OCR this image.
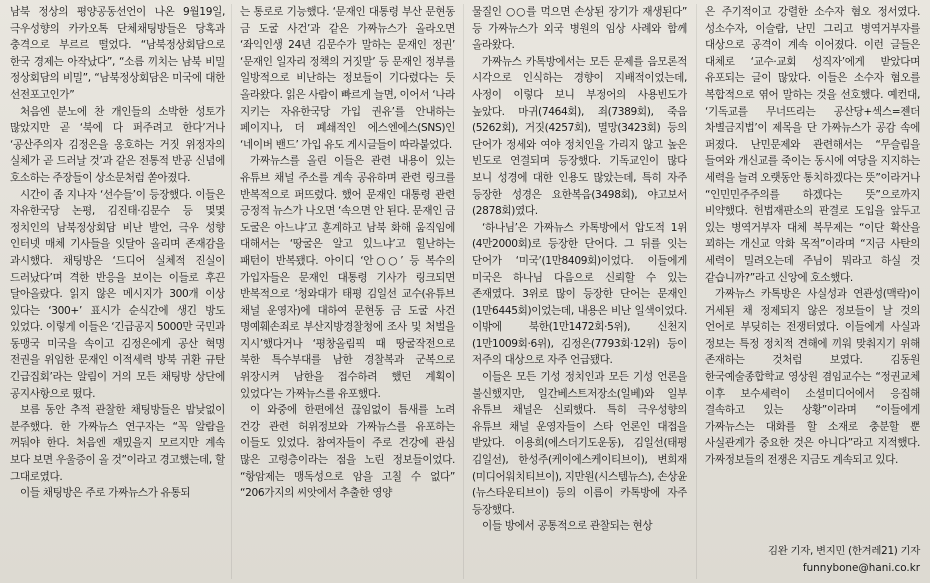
남북 정상의 평양공동선언이 나온 9월19일, 극우성향의 카카오톡 단체채팅방들은 당혹과 충격으로 부르르 떨었다. “남북정상회담으로 한국 경제는 아작났다”, “소름 끼치는 남북 비밀 정상회담의 비밀”, “남북정상회담은 미국에 대한 선전포고인가”

처음엔 분노에 찬 개인들의 소박한 성토가 많았지만 곧 ‘북에 다 퍼주려고 한다’거나 ‘공산주의자 김정은을 옹호하는 거짓 위정자의 실체가 곧 드러날 것’과 같은 전통적 반공 신념에 호소하는 주장들이 상소문처럼 쏟아졌다.

시간이 좀 지나자 ‘선수들’이 등장했다. 이들은 자유한국당 논평, 김진태·김문수 등 몇몇 정치인의 남북정상회담 비난 발언, 극우 성향 인터넷 매체 기사들을 잇달아 올리며 존재감을 과시했다. 채팅방은 ‘드디어 실체적 진실이 드러났다’며 격한 반응을 보이는 이들로 후끈 달아올랐다. 읽지 않은 메시지가 300개 이상 있다는 ‘300+’ 표시가 순식간에 생긴 방도 있었다. 이렇게 이들은 ‘긴급공지 5000만 국민과 동맹국 미국을 속이고 김정은에게 공산 혁명 전권을 위임한 문재인 이적세력 방북 귀환 규탄 긴급집회’라는 알림이 거의 모든 채팅방 상단에 공지사항으로 떴다.

보름 동안 추적 관찰한 채팅방들은 밤낮없이 분주했다. 한 가짜뉴스 연구자는 “꼭 알람을 꺼둬야 한다. 처음엔 재밌을지 모르지만 계속 보다 보면 우울증이 올 것”이라고 경고했는데, 할 그대로였다.

이들 채팅방은 주로 가짜뉴스가 유통되

는 통로로 기능했다. ‘문재인 대통령 부산 문현동 금 도굴 사건’과 같은 가짜뉴스가 올라오면 ‘좌익인생 24년 김문수가 말하는 문재인 정권’ ‘문재인 일자리 정책의 거짓말’ 등 문재인 정부를 일방적으로 비난하는 정보들이 기다렸다는 듯 올라왔다. 읽은 사람이 빠르게 늘면, 이어서 ‘나라 지키는 자유한국당 가입 권유’를 안내하는 페이지나, 더 폐쇄적인 에스엔에스(SNS)인 ‘네이버 밴드’ 가입 유도 게시글들이 따라붙었다.

가짜뉴스를 올린 이들은 관련 내용이 있는 유튜브 채널 주소를 계속 공유하며 관련 링크를 반복적으로 퍼뜨렸다. 했어 문재인 대통령 관련 긍정적 뉴스가 나오면 ‘속으면 안 된다. 문재인 금 도굴은 아느냐’고 훈계하고 남북 화해 움직임에 대해서는 ‘땅굴은 알고 있느냐’고 힐난하는 패턴이 반복됐다. 아이디 ‘안○○’ 등 복수의 가입자들은 문재인 대통령 기사가 링크되면 반복적으로 ‘청와대가 태평 김일선 교수(유튜브 채널 운영자)에 대하여 문현동 금 도굴 사건 명예훼손죄로 부산지방경찰청에 조사 및 처벌을 지시’했다거나 ‘평창올림픽 때 땅굴작전으로 북한 특수부대를 남한 경찰복과 군복으로 위장시켜 남한을 접수하려 했던 계획이 있었다’는 가짜뉴스를 유포했다.

이 와중에 한편에선 끊임없이 틈새를 노려 건강 관련 허위정보와 가짜뉴스를 유포하는 이들도 있었다. 참여자들이 주로 건강에 관심 많은 고령층이라는 점을 노린 정보들이었다. “항암제는 맹독성으로 암을 고칠 수 없다” “206가지의 씨앗에서 추출한 영양

물질인 ○○를 먹으면 손상된 장기가 재생된다” 등 가짜뉴스가 외국 병원의 임상 사례와 함께 올라왔다.

가짜뉴스 카톡방에서는 모든 문제를 음모론적 시각으로 인식하는 경향이 지배적이었는데, 사정이 이렇다 보니 부정어의 사용빈도가 높았다. 마귀(7464회), 죄(7389회), 죽음(5262회), 거짓(4257회), 멸망(3423회) 등의 단어가 정세와 여야 정치인을 가리지 않고 높은 빈도로 연결되며 등장했다. 기독교인이 많다 보니 성경에 대한 인용도 많았는데, 특히 자주 등장한 성경은 요한복음(3498회), 야고보서(2878회)였다.

‘하나님’은 가짜뉴스 카톡방에서 압도적 1위(4만2000회)로 등장한 단어다. 그 뒤를 잇는 단어가 ‘미국’(1만8409회)이었다. 이들에게 미국은 하나님 다음으로 신뢰할 수 있는 존재였다. 3위로 많이 등장한 단어는 문재인(1만6445회)이었는데, 내용은 비난 일색이었다. 이밖에 북한(1만1472회·5위), 신천지(1만1009회·6위), 김정은(7793회·12위) 등이 저주의 대상으로 자주 언급됐다.

이들은 모든 기성 정치인과 모든 기성 언론을 불신했지만, 일간베스트저장소(일베)와 일부 유튜브 채널은 신뢰했다. 특히 극우성향의 유튜브 채널 운영자들이 스타 언론인 대접을 받았다. 이용희(에스더기도운동), 김일선(태평 김일선), 한성주(케이에스케이티브이), 변희재(미디어워치티브이), 지만원(시스템뉴스), 손상윤(뉴스타운티브이) 등의 이름이 카톡방에 자주 등장했다.

이들 방에서 공통적으로 관찰되는 현상

은 주기적이고 강렬한 소수자 혐오 정서였다. 성소수자, 이슬람, 난민 그리고 병역거부자를 대상으로 공격이 계속 이어졌다. 이런 글들은 대체로 ‘교수·교회 성직자’에게 받았다며 유포되는 글이 많았다. 이들은 소수자 혐오를 복합적으로 엮어 말하는 것을 선호했다. 예컨대, ‘기독교를 무너뜨리는 공산당+섹스=젠더 차별금지법’이 제목을 단 가짜뉴스가 공감 속에 퍼졌다. 난민문제와 관련해서는 “무슬림을 들여와 개신교를 죽이는 동시에 여당을 지지하는 세력을 늘려 오랫동안 통치하겠다는 뜻”이라거나 “인민민주주의를 하겠다는 뜻”으로까지 비약했다. 헌법재판소의 판결로 도입을 앞두고 있는 병역거부자 대체 복무제는 “이단 확산을 꾀하는 개신교 악화 목적”이라며 “지금 사탄의 세력이 밀려오는데 주님이 뭐라고 하실 것 같습니까?”라고 신앙에 호소했다.

가짜뉴스 카톡방은 사실성과 연관성(맥락)이 거세된 채 정제되지 않은 정보들이 날 것의 언어로 부딪히는 전쟁터였다. 이들에게 사실과 정보는 특정 정치적 견해에 끼워 맞춰지기 위해 존재하는 것처럼 보였다. 김동원 한국예술종합학교 영상원 겸임교수는 “정권교체 이후 보수세력이 소셜미디어에서 응집해 결속하고 있는 상황”이라며 “이들에게 가짜뉴스는 대화를 할 소재로 충분할 뿐 사실관계가 중요한 것은 아니다”라고 지적했다. 가짜정보들의 전쟁은 지금도 계속되고 있다.

김완 기자, 변지민 (한겨레21) 기자
funnybone@hani.co.kr
